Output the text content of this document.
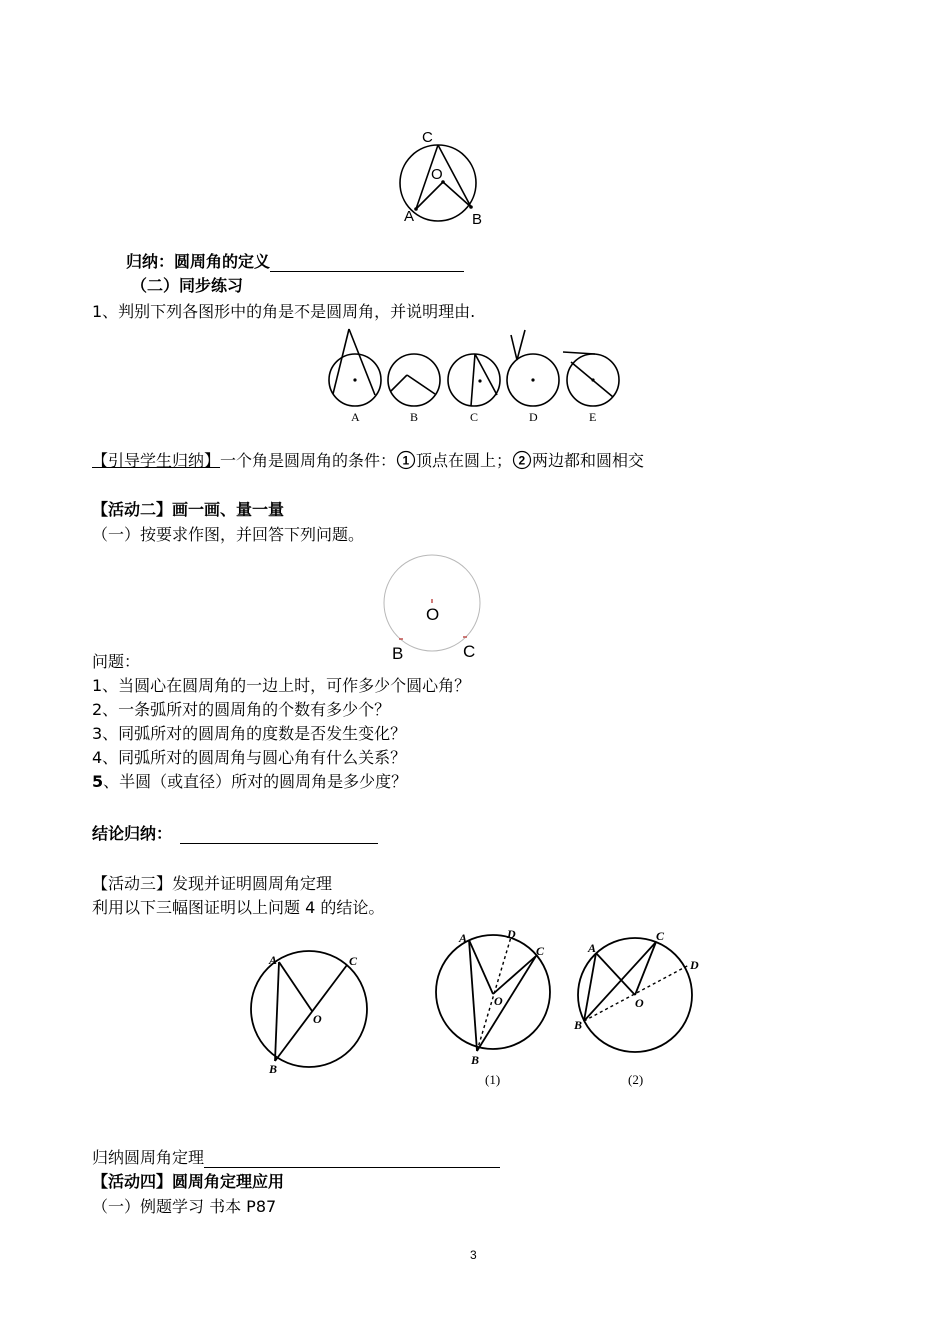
C
O
A	B
归纳：圆周角的定义
（二）同步练习
1、判别下列各图形中的角是不是圆周角，并说明理由.
A	B	C	D	E
【引导学生归纳】一个角是圆周角的条件： 1 顶点在圆上； 2 两边都和圆相交
【活动二】画一画、量一量
（一）按要求作图，并回答下列问题。
O
B	C
问题：
1、当圆心在圆周角的一边上时，可作多少个圆心角？
2、一条弧所对的圆周角的个数有多少个？
3、同弧所对的圆周角的度数是否发生变化？
4、同弧所对的圆周角与圆心角有什么关系？
5、半圆（或直径）所对的圆周角是多少度？
结论归纳：
【活动三】发现并证明圆周角定理
利用以下三幅图证明以上问题 4 的结论。
A	C
O
B
A	D
C
O
B
(1)
A
C
D
O
B
(2)
归纳圆周角定理
【活动四】圆周角定理应用
（一）例题学习 书本 P87
3
